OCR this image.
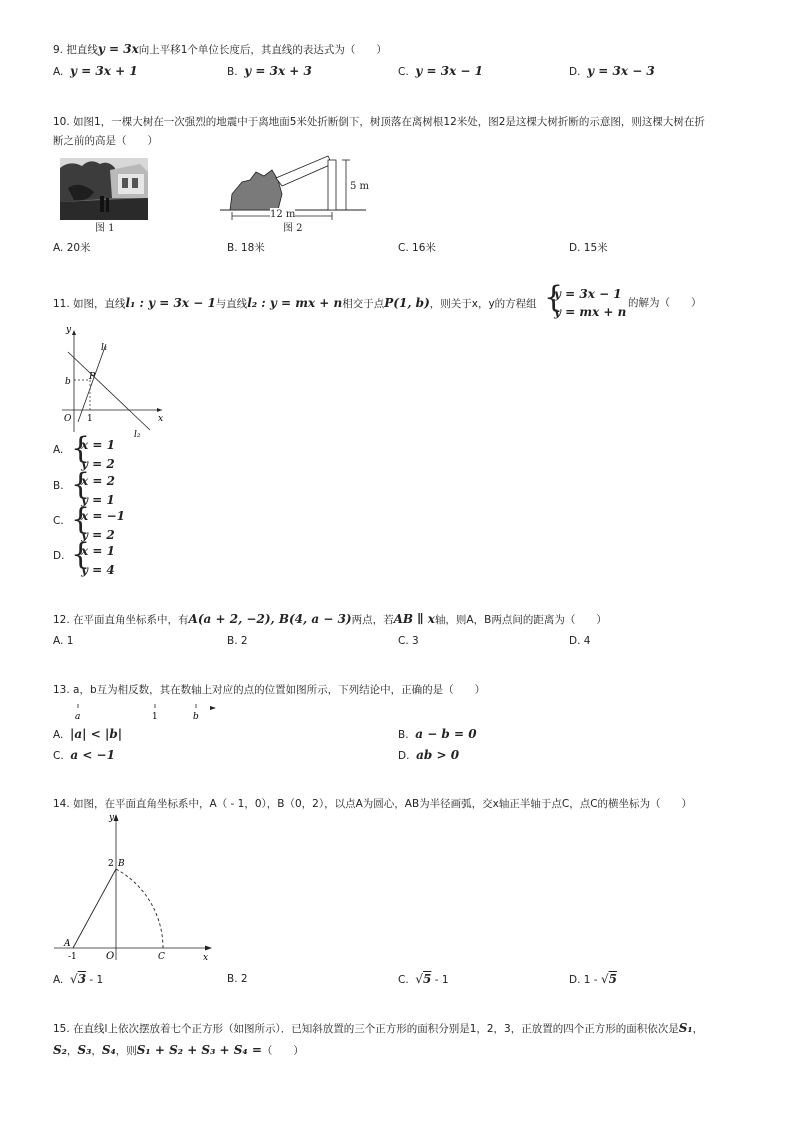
9. 把直线y = 3x向上平移1个单位长度后，其直线的表达式为（　　）
A. y = 3x + 1	B. y = 3x + 3	C. y = 3x − 1	D. y = 3x − 3
10. 如图1，一棵大树在一次强烈的地震中于离地面5米处折断倒下，树顶落在离树根12米处，图2是这棵大树折断的示意图，则这棵大树在折
断之前的高是（　　）
图 1
5 m
12 m
图 2
A. 20米	B. 18米	C. 16米	D. 15米
11. 如图，直线l₁ : y = 3x − 1与直线l₂ : y = mx + n相交于点P(1, b)，则关于x，y的方程组 {
y = 3x − 1
y = mx + n
的解为（　　）
y
x
O 1
b P
l₁
l₂
A. {
x = 1
y = 2
B. {
x = 2
y = 1
C. {
x = −1
y = 2
D. {
x = 1
y = 4
12. 在平面直角坐标系中，有A(a + 2, −2), B(4, a − 3)两点，若AB ∥ x轴，则A，B两点间的距离为（　　）
A. 1	B. 2	C. 3	D. 4
13. a，b互为相反数，其在数轴上对应的点的位置如图所示，下列结论中，正确的是（　　）
a	1	b
A. |a| < |b|	B. a − b = 0
C. a < −1	D. ab > 0
14. 如图，在平面直角坐标系中，A（ - 1，0），B（0，2），以点A为圆心，AB为半径画弧，交x轴正半轴于点C，点C的横坐标为（　　）
y
x
O
A
-1
B
2
C
A. √3 - 1	B. 2	C. √5 - 1	D. 1 - √5
15. 在直线l上依次摆放着七个正方形（如图所示）．已知斜放置的三个正方形的面积分别是1，2，3，正放置的四个正方形的面积依次是S₁，
S₂，S₃，S₄，则S₁ + S₂ + S₃ + S₄ =（　　）
